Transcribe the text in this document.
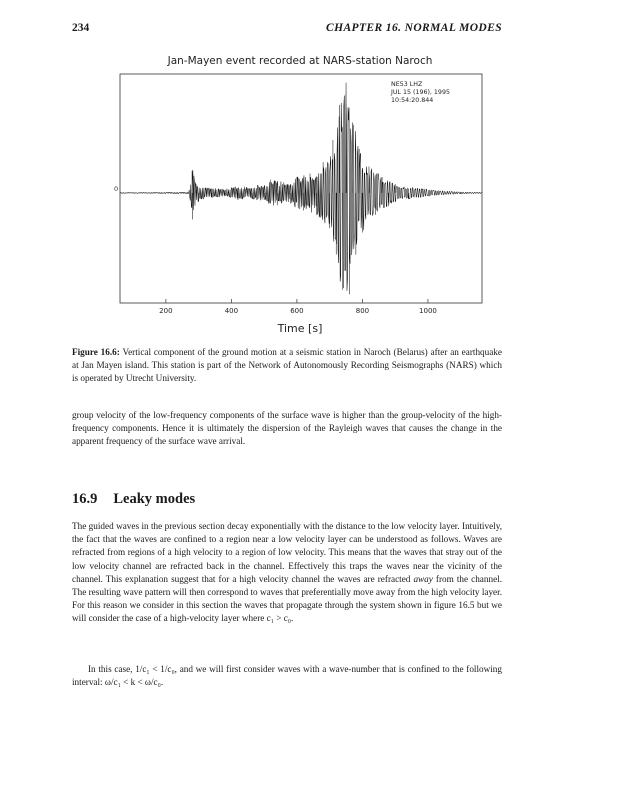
234	CHAPTER 16. NORMAL MODES
Jan-Mayen event recorded at NARS-station Naroch
0
NE53 LHZ
JUL 15 (196), 1995
10:54:20.844
200	400	600	800	1000
Time [s]
Figure 16.6: Vertical component of the ground motion at a seismic station in Naroch (Belarus) after an earthquake at Jan Mayen island. This station is part of the Network of Autonomously Recording Seismographs (NARS) which is operated by Utrecht University.

group velocity of the low-frequency components of the surface wave is higher than the group-velocity of the high-frequency components. Hence it is ultimately the dispersion of the Rayleigh waves that causes the change in the apparent frequency of the surface wave arrival.

16.9 Leaky modes

The guided waves in the previous section decay exponentially with the distance to the low velocity layer. Intuitively, the fact that the waves are confined to a region near a low velocity layer can be understood as follows. Waves are refracted from regions of a high velocity to a region of low velocity. This means that the waves that stray out of the low velocity channel are refracted back in the channel. Effectively this traps the waves near the vicinity of the channel. This explanation suggest that for a high velocity channel the waves are refracted away from the channel. The resulting wave pattern will then correspond to waves that preferentially move away from the high velocity layer. For this reason we consider in this section the waves that propagate through the system shown in figure 16.5 but we will consider the case of a high-velocity layer where c₁ > c₀.

In this case, 1/c₁ < 1/c₀, and we will first consider waves with a wave-number that is confined to the following interval: ω/c₁ < k < ω/c₀.
